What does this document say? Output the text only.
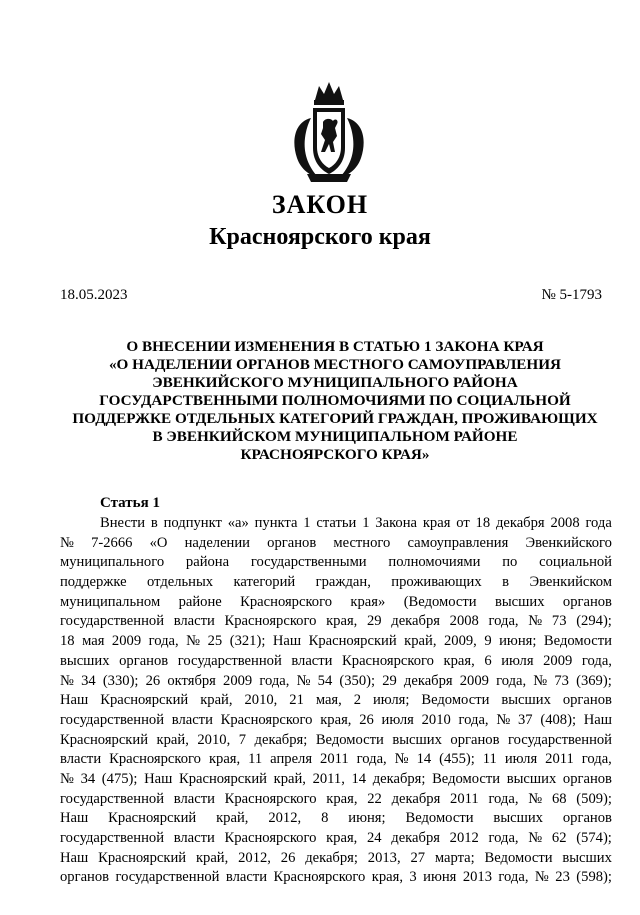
ЗАКОН
Красноярского края
18.05.2023	№ 5-1793
О ВНЕСЕНИИ ИЗМЕНЕНИЯ В СТАТЬЮ 1 ЗАКОНА КРАЯ
«О НАДЕЛЕНИИ ОРГАНОВ МЕСТНОГО САМОУПРАВЛЕНИЯ
ЭВЕНКИЙСКОГО МУНИЦИПАЛЬНОГО РАЙОНА
ГОСУДАРСТВЕННЫМИ ПОЛНОМОЧИЯМИ ПО СОЦИАЛЬНОЙ
ПОДДЕРЖКЕ ОТДЕЛЬНЫХ КАТЕГОРИЙ ГРАЖДАН, ПРОЖИВАЮЩИХ
В ЭВЕНКИЙСКОМ МУНИЦИПАЛЬНОМ РАЙОНЕ
КРАСНОЯРСКОГО КРАЯ»
Статья 1
Внести в подпункт «а» пункта 1 статьи 1 Закона края от 18 декабря 2008 года
№ 7-2666 «О наделении органов местного самоуправления Эвенкийского
муниципального района государственными полномочиями по социальной
поддержке отдельных категорий граждан, проживающих в Эвенкийском
муниципальном районе Красноярского края» (Ведомости высших органов
государственной власти Красноярского края, 29 декабря 2008 года, № 73 (294);
18 мая 2009 года, № 25 (321); Наш Красноярский край, 2009, 9 июня; Ведомости
высших органов государственной власти Красноярского края, 6 июля 2009 года,
№ 34 (330); 26 октября 2009 года, № 54 (350); 29 декабря 2009 года, № 73 (369);
Наш Красноярский край, 2010, 21 мая, 2 июля; Ведомости высших органов
государственной власти Красноярского края, 26 июля 2010 года, № 37 (408); Наш
Красноярский край, 2010, 7 декабря; Ведомости высших органов государственной
власти Красноярского края, 11 апреля 2011 года, № 14 (455); 11 июля 2011 года,
№ 34 (475); Наш Красноярский край, 2011, 14 декабря; Ведомости высших органов
государственной власти Красноярского края, 22 декабря 2011 года, № 68 (509);
Наш Красноярский край, 2012, 8 июня; Ведомости высших органов
государственной власти Красноярского края, 24 декабря 2012 года, № 62 (574);
Наш Красноярский край, 2012, 26 декабря; 2013, 27 марта; Ведомости высших
органов государственной власти Красноярского края, 3 июня 2013 года, № 23 (598);
